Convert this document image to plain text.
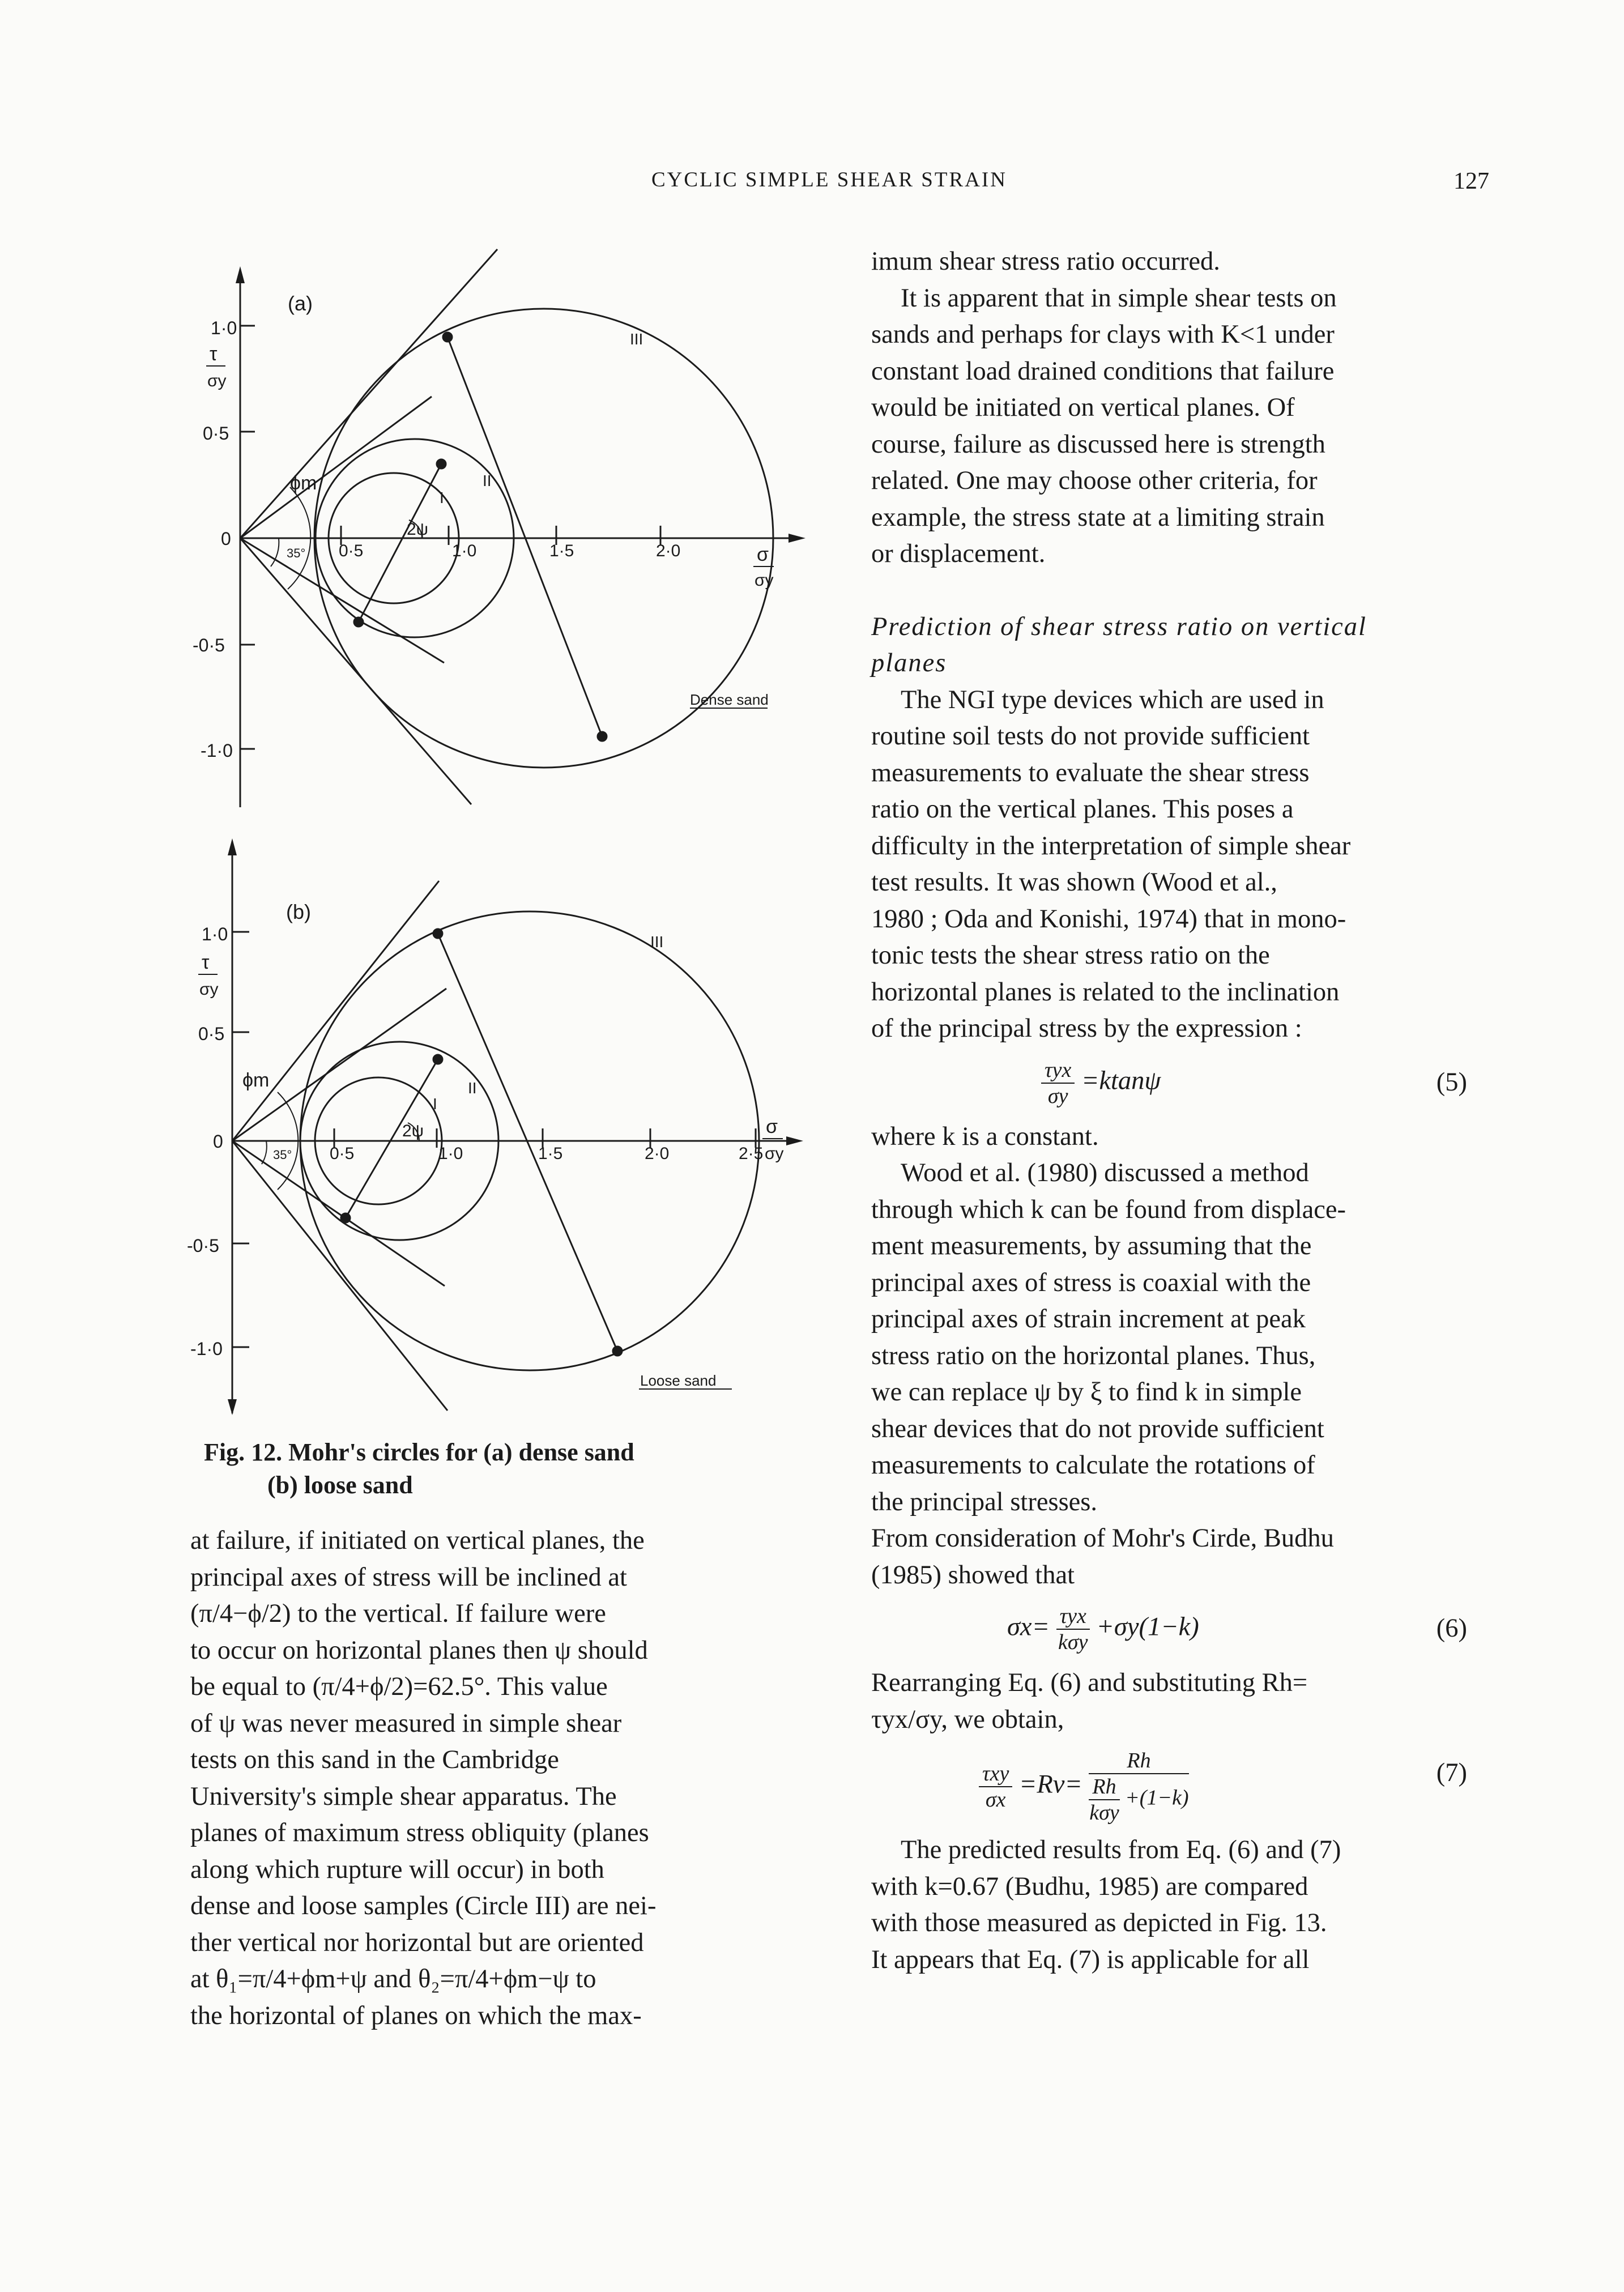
CYCLIC SIMPLE SHEAR STRAIN	127
(a)
1·0
0·5
0
-0·5
-1·0
τ
σy
0·5	1·0	1·5	2·0	σ
σy
ϕm
35°
2ψ
I
II
III
Dense sand
(b)
1·0
0·5
0
-0·5
-1·0
τ
σy
0·5	1·0	1·5	2·0	2·5
σ
σy
ϕm
35°
2ψ
I
II
III
Loose sand
Fig. 12. Mohr's circles for (a) dense sand
(b) loose sand

at failure, if initiated on vertical planes, the

principal axes of stress will be inclined at

(π/4−ϕ/2) to the vertical. If failure were

to occur on horizontal planes then ψ should

be equal to (π/4+ϕ/2)=62.5°. This value

of ψ was never measured in simple shear

tests on this sand in the Cambridge

University's simple shear apparatus. The

planes of maximum stress obliquity (planes

along which rupture will occur) in both

dense and loose samples (Circle III) are nei-

ther vertical nor horizontal but are oriented

at θ₁=π/4+ϕm+ψ and θ₂=π/4+ϕm−ψ to

the horizontal of planes on which the max-

imum shear stress ratio occurred.

It is apparent that in simple shear tests on

sands and perhaps for clays with K<1 under

constant load drained conditions that failure

would be initiated on vertical planes. Of

course, failure as discussed here is strength

related. One may choose other criteria, for

example, the stress state at a limiting strain

or displacement.

Prediction of shear stress ratio on vertical

planes

The NGI type devices which are used in

routine soil tests do not provide sufficient

measurements to evaluate the shear stress

ratio on the vertical planes. This poses a

difficulty in the interpretation of simple shear

test results. It was shown (Wood et al.,

1980 ; Oda and Konishi, 1974) that in mono-

tonic tests the shear stress ratio on the

horizontal planes is related to the inclination

of the principal stress by the expression :

$\frac{\text{τyx}}{\sigma y} =ktan\psi$	(5)

where k is a constant.

Wood et al. (1980) discussed a method

through which k can be found from displace-

ment measurements, by assuming that the

principal axes of stress is coaxial with the

principal axes of strain increment at peak

stress ratio on the horizontal planes. Thus,

we can replace ψ by ξ to find k in simple

shear devices that do not provide sufficient

measurements to calculate the rotations of

the principal stresses.

From consideration of Mohr's Cirde, Budhu

(1985) showed that

$\sigma x= \frac{\text{τyx}}{\text{kσy}} +\sigma y(1-k)$	(6)

Rearranging Eq. (6) and substituting Rh=

τyx/σy, we obtain,

$\frac{\text{τxy}}{\sigma x} =Rv= \frac{Rh}{\frac{Rh}{\text{kσy}} +(1-k)}$	(7)

The predicted results from Eq. (6) and (7)

with k=0.67 (Budhu, 1985) are compared

with those measured as depicted in Fig. 13.

It appears that Eq. (7) is applicable for all
